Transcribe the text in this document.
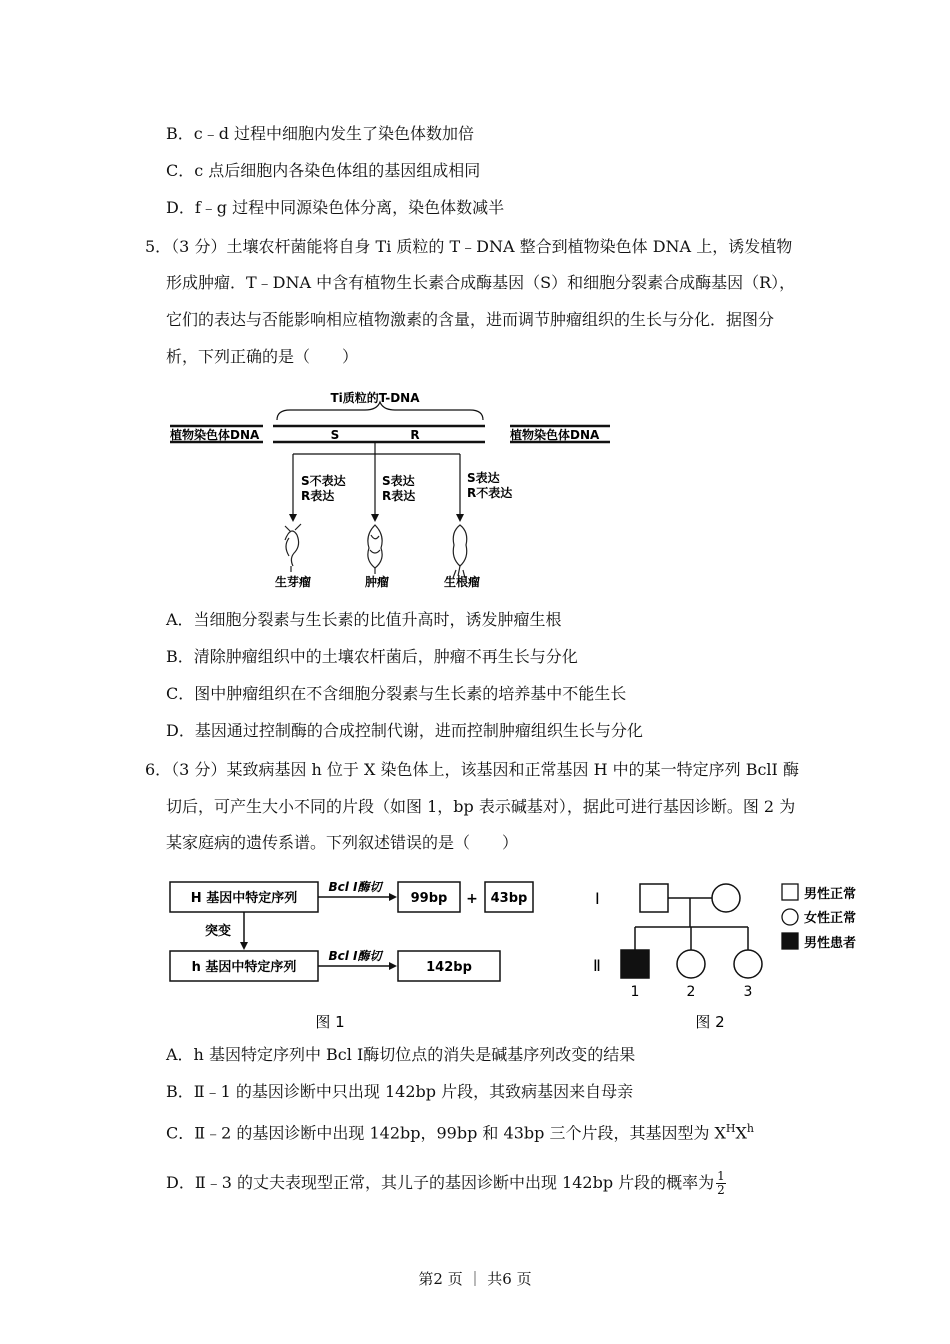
B．c﹣d 过程中细胞内发生了染色体数加倍
C．c 点后细胞内各染色体组的基因组成相同
D．f﹣g 过程中同源染色体分离，染色体数减半
5．（3 分）土壤农杆菌能将自身 Ti 质粒的 T﹣DNA 整合到植物染色体 DNA 上，诱发植物
形成肿瘤．T﹣DNA 中含有植物生长素合成酶基因（S）和细胞分裂素合成酶基因（R），
它们的表达与否能影响相应植物激素的含量，进而调节肿瘤组织的生长与分化．据图分
析，下列正确的是（　　）
Ti质粒的T-DNA
植物染色体DNA	S	R	植物染色体DNA
S不表达
R表达
S表达
R表达
S表达
R不表达
生芽瘤	肿瘤	生根瘤
A．当细胞分裂素与生长素的比值升高时，诱发肿瘤生根
B．清除肿瘤组织中的土壤农杆菌后，肿瘤不再生长与分化
C．图中肿瘤组织在不含细胞分裂素与生长素的培养基中不能生长
D．基因通过控制酶的合成控制代谢，进而控制肿瘤组织生长与分化
6．（3 分）某致病基因 h 位于 X 染色体上，该基因和正常基因 H 中的某一特定序列 BclI 酶
切后，可产生大小不同的片段（如图 1，bp 表示碱基对），据此可进行基因诊断。图 2 为
某家庭病的遗传系谱。下列叙述错误的是（　　）
H 基因中特定序列
Bcl Ⅰ酶切
99bp + 43bp
突变
h 基因中特定序列
Bcl Ⅰ酶切
142bp
图 1
Ⅰ
Ⅱ
1	2	3
男性正常
女性正常
男性患者
图 2
A．h 基因特定序列中 Bcl Ⅰ酶切位点的消失是碱基序列改变的结果
B．Ⅱ﹣1 的基因诊断中只出现 142bp 片段，其致病基因来自母亲
C．Ⅱ﹣2 的基因诊断中出现 142bp，99bp 和 43bp 三个片段，其基因型为 $X^HX^h$
D．Ⅱ﹣3 的丈夫表现型正常，其儿子的基因诊断中出现 142bp 片段的概率为 $\frac{1}{2}$
第2 页 ｜ 共6 页
